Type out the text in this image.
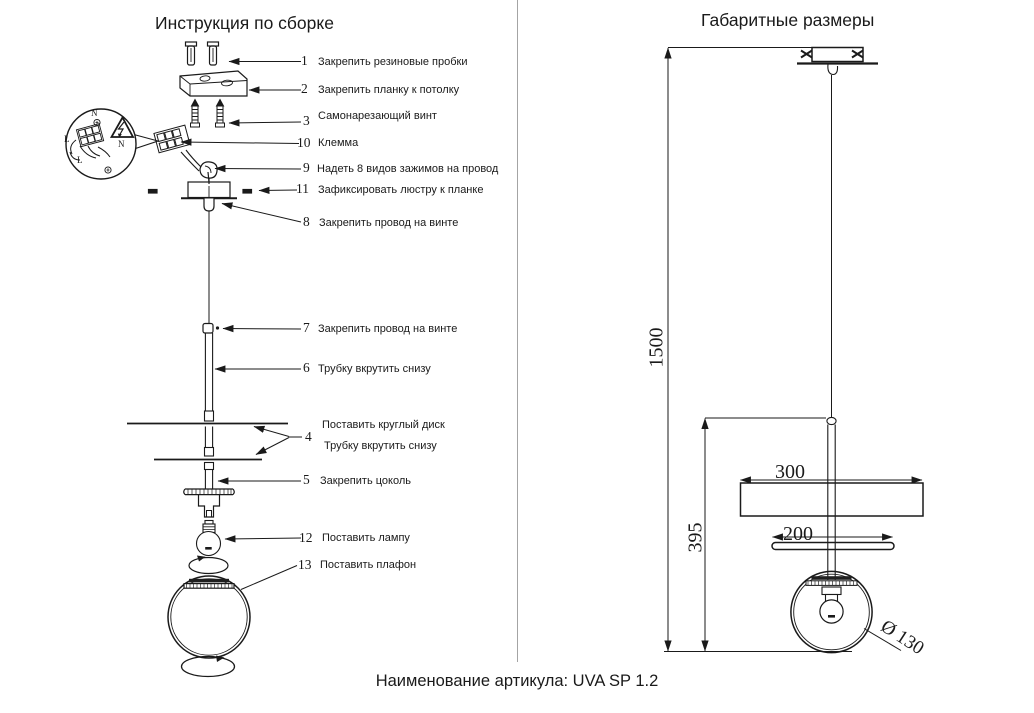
Инструкция по сборке	Габаритные размеры
N
N
L
L
1 Закрепить резиновые пробки
2 Закрепить планку к потолку
3 Самонарезающий винт
10 Клемма
9 Надеть 8 видов зажимов на провод
11 Зафиксировать люстру к планке
8 Закрепить провод на винте
7 Закрепить провод на винте
6 Трубку вкрутить снизу
4
Поставить круглый диск
Трубку вкрутить снизу
5 Закрепить цоколь
12 Поставить лампу
13 Поставить плафон
1500
395
300
200
Ø 130
Наименование артикула: UVA SP 1.2
